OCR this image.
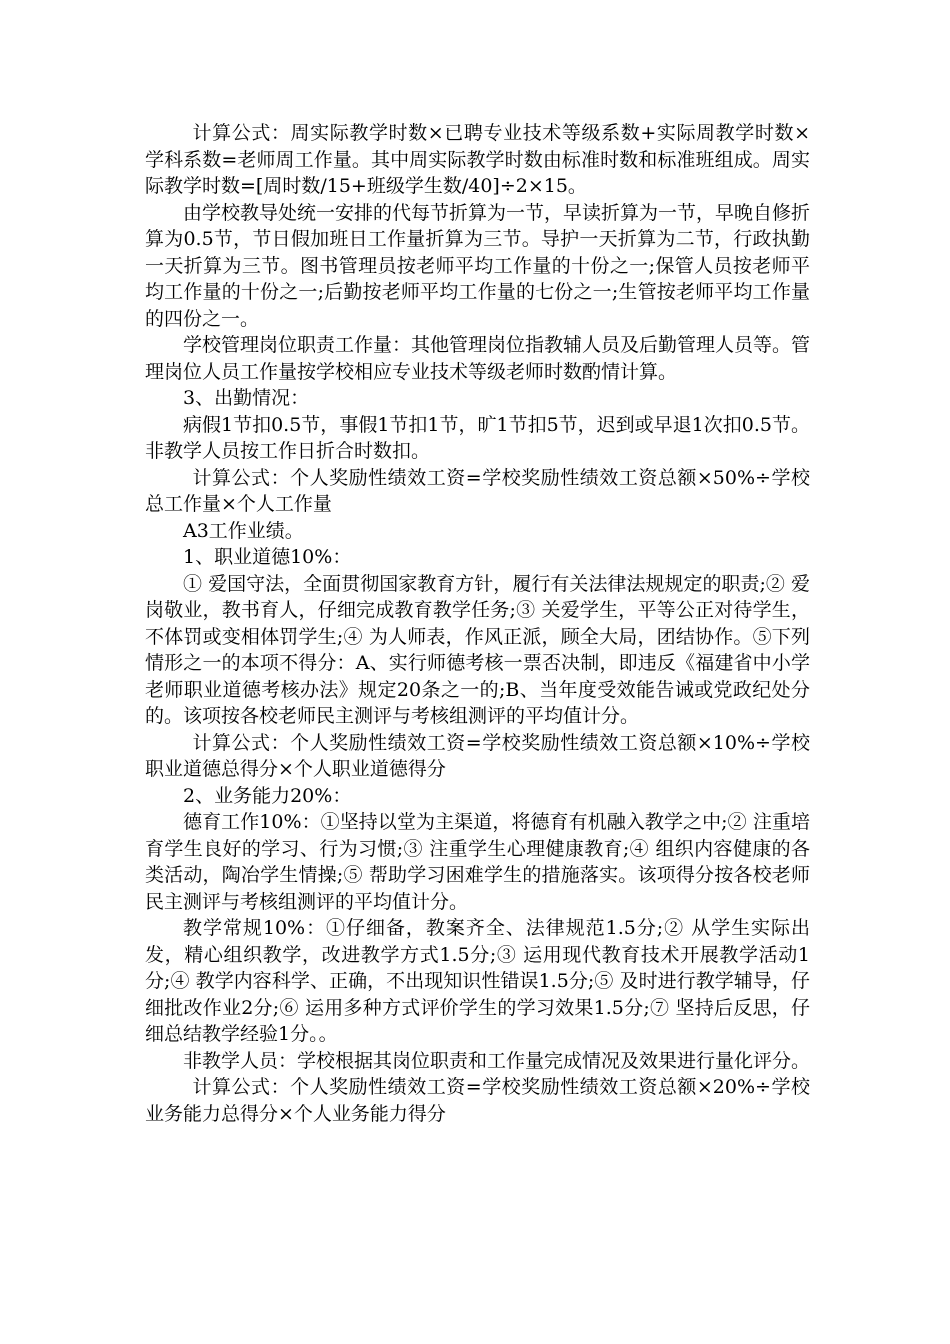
计算公式：周实际教学时数×已聘专业技术等级系数+实际周教学时数×学科系数=老师周工作量。其中周实际教学时数由标准时数和标准班组成。周实际教学时数=[周时数/15+班级学生数/40]÷2×15。

由学校教导处统一安排的代每节折算为一节，早读折算为一节，早晚自修折算为0.5节，节日假加班日工作量折算为三节。导护一天折算为二节，行政执勤一天折算为三节。图书管理员按老师平均工作量的十份之一;保管人员按老师平均工作量的十份之一;后勤按老师平均工作量的七份之一;生管按老师平均工作量的四份之一。

学校管理岗位职责工作量：其他管理岗位指教辅人员及后勤管理人员等。管理岗位人员工作量按学校相应专业技术等级老师时数酌情计算。

3、出勤情况：

病假1节扣0.5节，事假1节扣1节，旷1节扣5节，迟到或早退1次扣0.5节。非教学人员按工作日折合时数扣。

计算公式：个人奖励性绩效工资=学校奖励性绩效工资总额×50%÷学校总工作量×个人工作量

A3工作业绩。

1、职业道德10%：

① 爱国守法，全面贯彻国家教育方针，履行有关法律法规规定的职责;② 爱岗敬业，教书育人，仔细完成教育教学任务;③ 关爱学生，平等公正对待学生，不体罚或变相体罚学生;④ 为人师表，作风正派，顾全大局，团结协作。⑤下列情形之一的本项不得分：A、实行师德考核一票否决制，即违反《福建省中小学老师职业道德考核办法》规定20条之一的;B、当年度受效能告诫或党政纪处分的。该项按各校老师民主测评与考核组测评的平均值计分。

计算公式：个人奖励性绩效工资=学校奖励性绩效工资总额×10%÷学校职业道德总得分×个人职业道德得分

2、业务能力20%：

德育工作10%：①坚持以堂为主渠道，将德育有机融入教学之中;② 注重培育学生良好的学习、行为习惯;③ 注重学生心理健康教育;④ 组织内容健康的各类活动，陶冶学生情操;⑤ 帮助学习困难学生的措施落实。该项得分按各校老师民主测评与考核组测评的平均值计分。

教学常规10%：①仔细备，教案齐全、法律规范1.5分;② 从学生实际出发，精心组织教学，改进教学方式1.5分;③ 运用现代教育技术开展教学活动1分;④ 教学内容科学、正确，不出现知识性错误1.5分;⑤ 及时进行教学辅导，仔细批改作业2分;⑥ 运用多种方式评价学生的学习效果1.5分;⑦ 坚持后反思，仔细总结教学经验1分。。

非教学人员：学校根据其岗位职责和工作量完成情况及效果进行量化评分。

计算公式：个人奖励性绩效工资=学校奖励性绩效工资总额×20%÷学校业务能力总得分×个人业务能力得分
